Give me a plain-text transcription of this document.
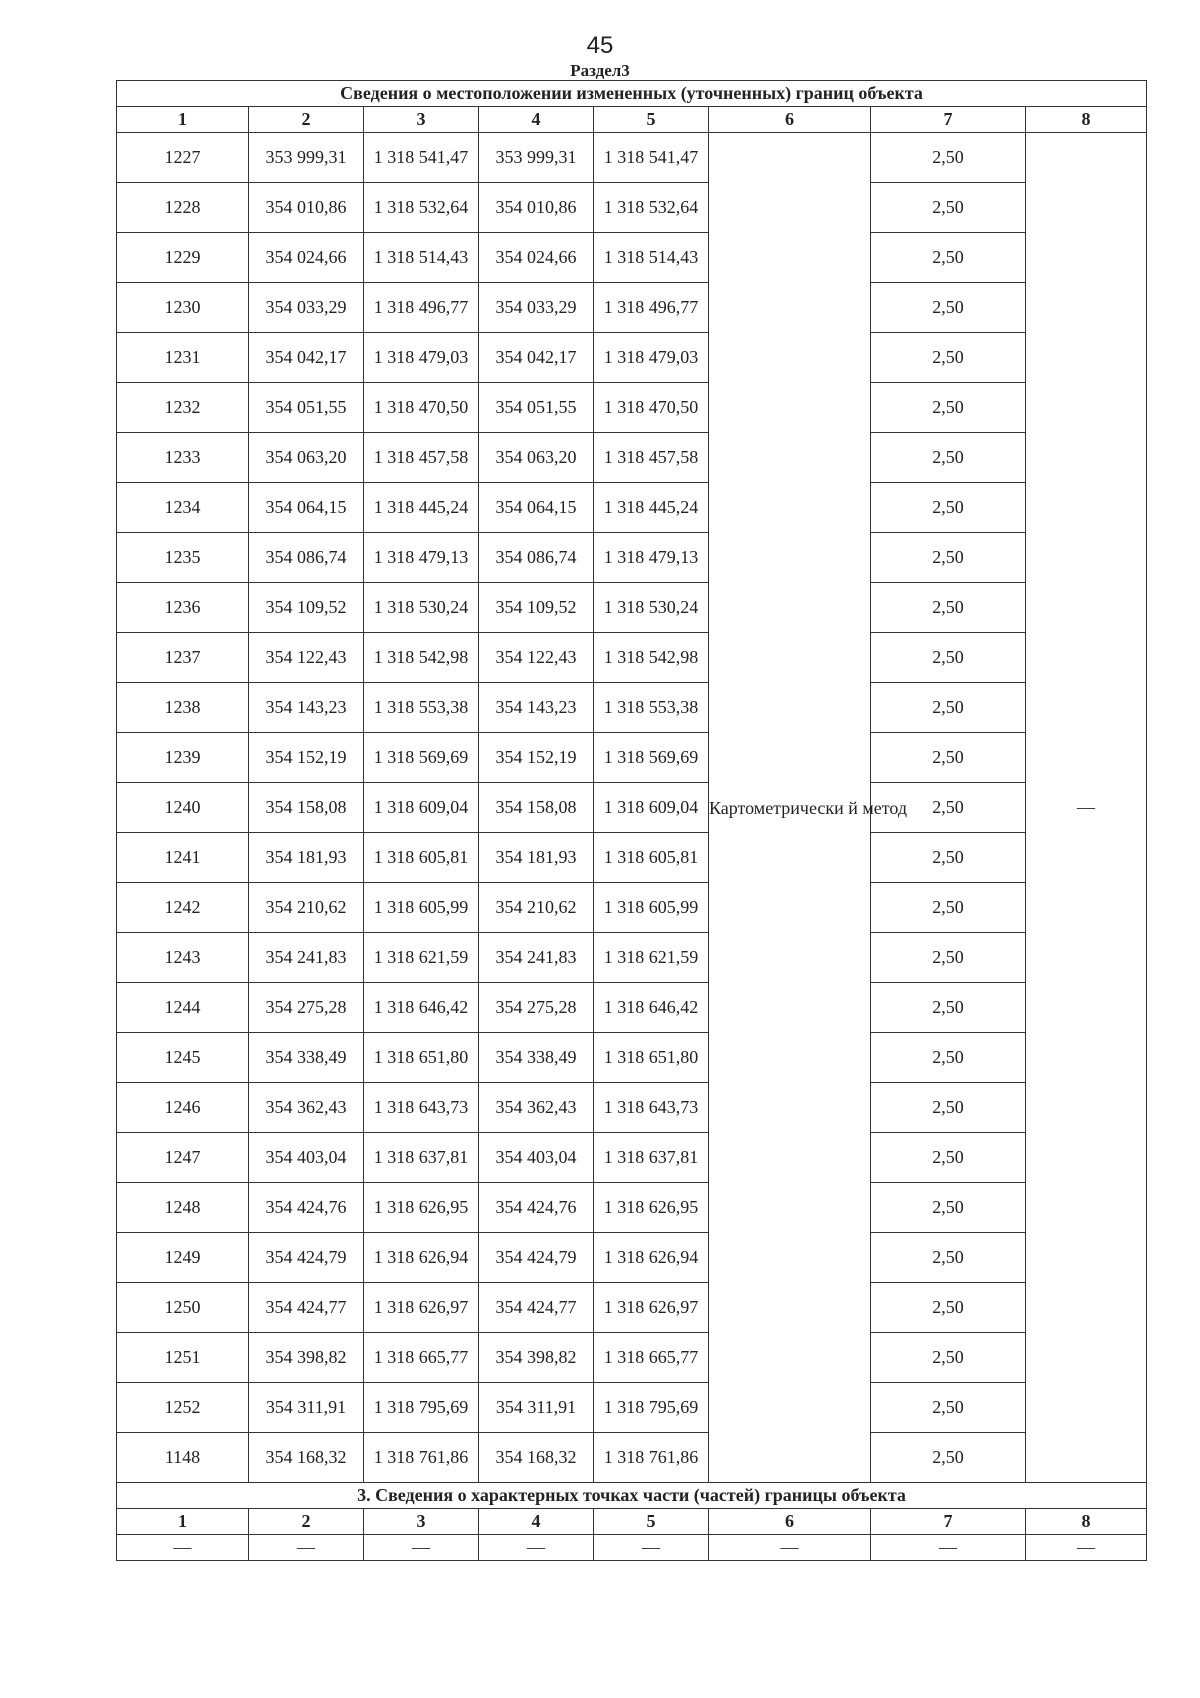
45
Раздел3
Сведения о местоположении измененных (уточненных) границ объекта							
1	2	3	4	5	6	7	8
1227	353 999,31	1 318 541,47	353 999,31	1 318 541,47	Картометрически й метод	2,50	—
1228	354 010,86	1 318 532,64	354 010,86	1 318 532,64		2,50	
1229	354 024,66	1 318 514,43	354 024,66	1 318 514,43		2,50	
1230	354 033,29	1 318 496,77	354 033,29	1 318 496,77		2,50	
1231	354 042,17	1 318 479,03	354 042,17	1 318 479,03		2,50	
1232	354 051,55	1 318 470,50	354 051,55	1 318 470,50		2,50	
1233	354 063,20	1 318 457,58	354 063,20	1 318 457,58		2,50	
1234	354 064,15	1 318 445,24	354 064,15	1 318 445,24		2,50	
1235	354 086,74	1 318 479,13	354 086,74	1 318 479,13		2,50	
1236	354 109,52	1 318 530,24	354 109,52	1 318 530,24		2,50	
1237	354 122,43	1 318 542,98	354 122,43	1 318 542,98		2,50	
1238	354 143,23	1 318 553,38	354 143,23	1 318 553,38		2,50	
1239	354 152,19	1 318 569,69	354 152,19	1 318 569,69		2,50	
1240	354 158,08	1 318 609,04	354 158,08	1 318 609,04		2,50	
1241	354 181,93	1 318 605,81	354 181,93	1 318 605,81		2,50	
1242	354 210,62	1 318 605,99	354 210,62	1 318 605,99		2,50	
1243	354 241,83	1 318 621,59	354 241,83	1 318 621,59		2,50	
1244	354 275,28	1 318 646,42	354 275,28	1 318 646,42		2,50	
1245	354 338,49	1 318 651,80	354 338,49	1 318 651,80		2,50	
1246	354 362,43	1 318 643,73	354 362,43	1 318 643,73		2,50	
1247	354 403,04	1 318 637,81	354 403,04	1 318 637,81		2,50	
1248	354 424,76	1 318 626,95	354 424,76	1 318 626,95		2,50	
1249	354 424,79	1 318 626,94	354 424,79	1 318 626,94		2,50	
1250	354 424,77	1 318 626,97	354 424,77	1 318 626,97		2,50	
1251	354 398,82	1 318 665,77	354 398,82	1 318 665,77		2,50	
1252	354 311,91	1 318 795,69	354 311,91	1 318 795,69		2,50	
1148	354 168,32	1 318 761,86	354 168,32	1 318 761,86		2,50	
3. Сведения о характерных точках части (частей) границы объекта							
1	2	3	4	5	6	7	8
—	—	—	—	—	—	—	—
